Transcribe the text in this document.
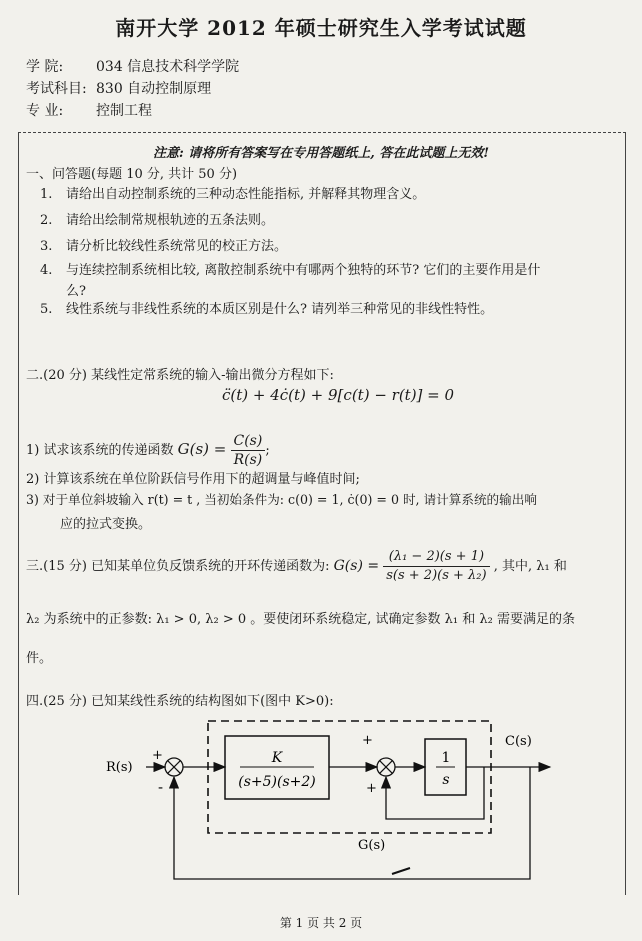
南开大学 2012 年硕士研究生入学考试试题
学 院: 034 信息技术科学学院
考试科目: 830 自动控制原理
专 业: 控制工程
注意: 请将所有答案写在专用答题纸上, 答在此试题上无效!
一、问答题(每题 10 分, 共计 50 分)
1. 请给出自动控制系统的三种动态性能指标, 并解释其物理含义。
2. 请给出绘制常规根轨迹的五条法则。
3. 请分析比较线性系统常见的校正方法。
4. 与连续控制系统相比较, 离散控制系统中有哪两个独特的环节? 它们的主要作用是什
么?
5. 线性系统与非线性系统的本质区别是什么? 请列举三种常见的非线性特性。
二.(20 分) 某线性定常系统的输入-输出微分方程如下:
c̈(t) + 4ċ(t) + 9[c(t) − r(t)] = 0
1) 试求该系统的传递函数 $G(s) = \frac{C(s)}{R(s)}$ ;
2) 计算该系统在单位阶跃信号作用下的超调量与峰值时间;
3) 对于单位斜坡输入 r(t) = t , 当初始条件为: c(0) = 1, ċ(0) = 0 时, 请计算系统的输出响
应的拉式变换。
三.(15 分) 已知某单位负反馈系统的开环传递函数为: $G(s) = \frac{\text{(λ₁ − 2)(s + 1)}}{\text{s(s + 2)(s + λ₂)}}$ , 其中, λ₁ 和
λ₂ 为系统中的正参数: λ₁ > 0, λ₂ > 0 。要使闭环系统稳定, 试确定参数 λ₁ 和 λ₂ 需要满足的条
件。
四.(25 分) 已知某线性系统的结构图如下(图中 K>0):
R(s)
C(s)
+
-
+
+
K
(s+5)(s+2)
1
s
G(s)
第 1 页 共 2 页
